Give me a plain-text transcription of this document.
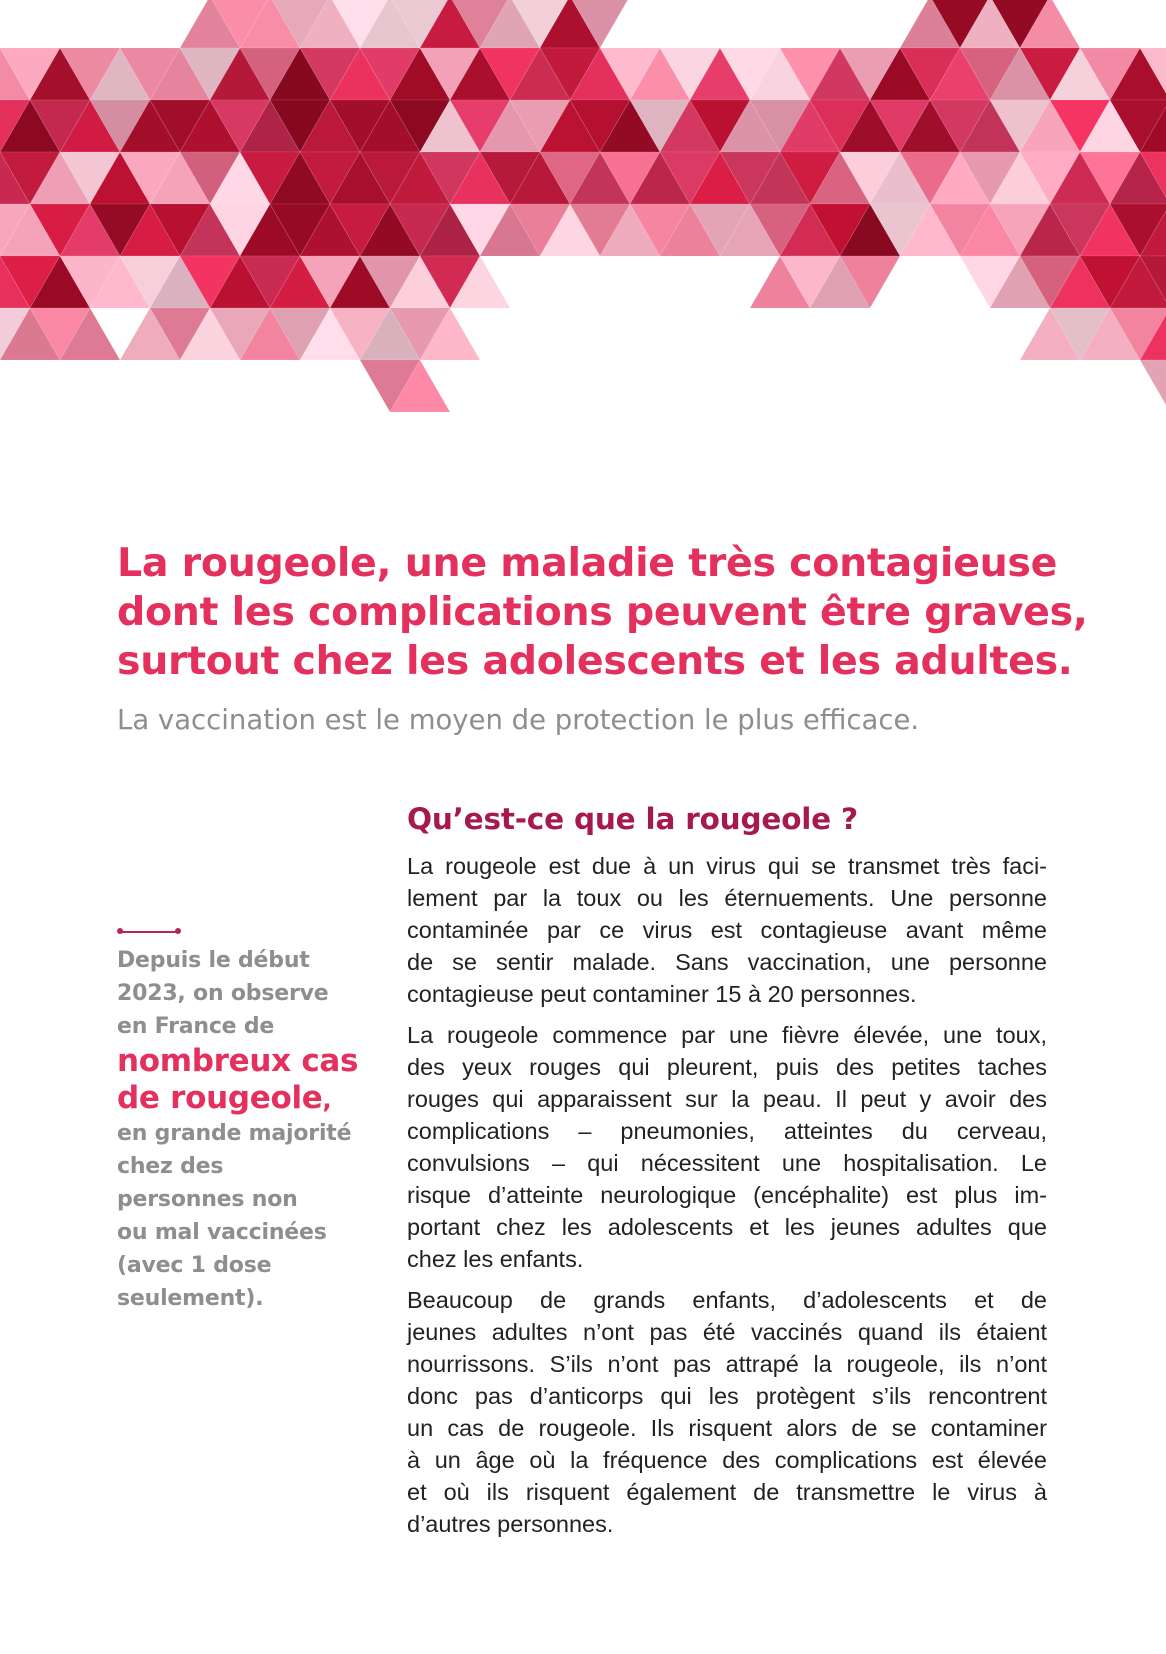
La rougeole, une maladie très contagieuse
dont les complications peuvent être graves,
surtout chez les adolescents et les adultes.

La vaccination est le moyen de protection le plus efficace.

Depuis le début
2023, on observe
en France de
nombreux cas
de rougeole,
en grande majorité
chez des
personnes non
ou mal vaccinées
(avec 1 dose
seulement).
Qu’est-ce que la rougeole ?
La rougeole est due à un virus qui se transmet très faci-
lement par la toux ou les éternuements. Une personne
contaminée par ce virus est contagieuse avant même
de se sentir malade. Sans vaccination, une personne
contagieuse peut contaminer 15 à 20 personnes.
La rougeole commence par une fièvre élevée, une toux,
des yeux rouges qui pleurent, puis des petites taches
rouges qui apparaissent sur la peau. Il peut y avoir des
complications – pneumonies, atteintes du cerveau,
convulsions – qui nécessitent une hospitalisation. Le
risque d’atteinte neurologique (encéphalite) est plus im-
portant chez les adolescents et les jeunes adultes que
chez les enfants.
Beaucoup de grands enfants, d’adolescents et de
jeunes adultes n’ont pas été vaccinés quand ils étaient
nourrissons. S’ils n’ont pas attrapé la rougeole, ils n’ont
donc pas d’anticorps qui les protègent s’ils rencontrent
un cas de rougeole. Ils risquent alors de se contaminer
à un âge où la fréquence des complications est élevée
et où ils risquent également de transmettre le virus à
d’autres personnes.
